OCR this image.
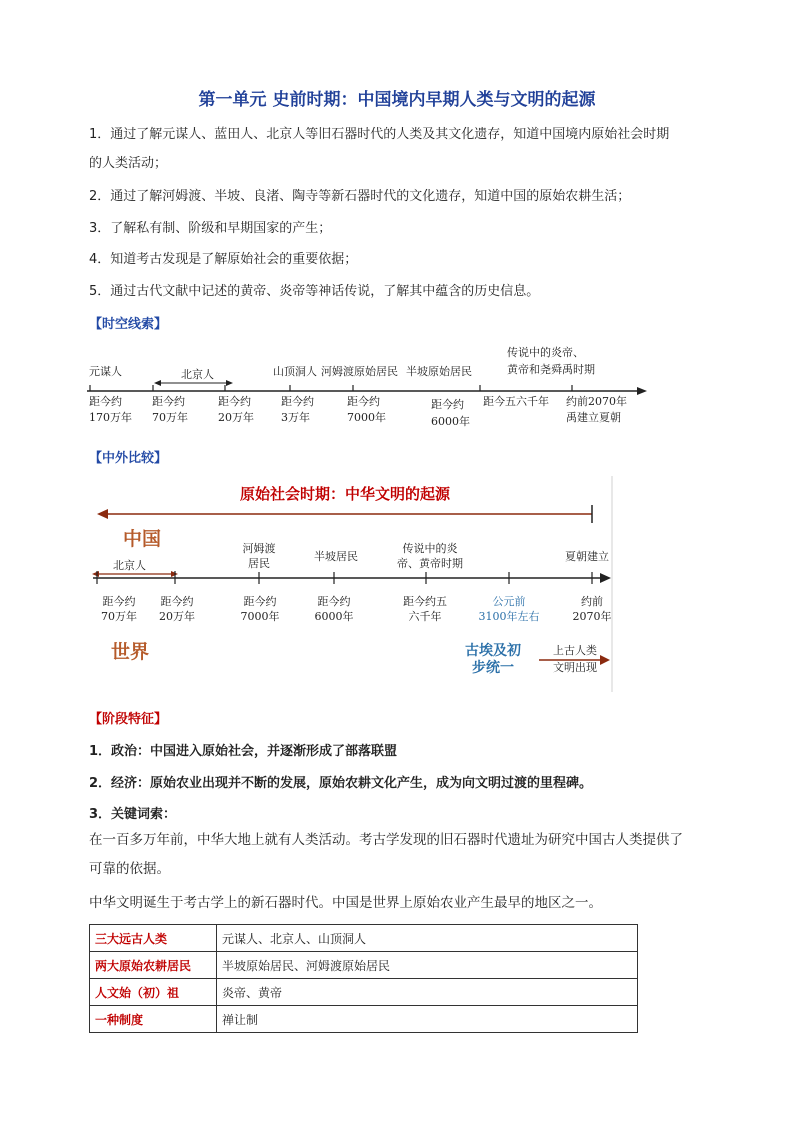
第一单元 史前时期：中国境内早期人类与文明的起源
1．通过了解元谋人、蓝田人、北京人等旧石器时代的人类及其文化遗存，知道中国境内原始社会时期
的人类活动；
2．通过了解河姆渡、半坡、良渚、陶寺等新石器时代的文化遗存，知道中国的原始农耕生活；
3．了解私有制、阶级和早期国家的产生；
4．知道考古发现是了解原始社会的重要依据；
5．通过古代文献中记述的黄帝、炎帝等神话传说，了解其中蕴含的历史信息。
【时空线索】
元谋人	北京人	山顶洞人 河姆渡原始居民 半坡原始居民
传说中的炎帝、
黄帝和尧舜禹时期
距今约
170万年
距今约
70万年
距今约
20万年
距今约
3万年
距今约
7000年
距今约
6000年
距今五六千年 约前2070年
禹建立夏朝
【中外比较】
原始社会时期：中华文明的起源
中国
北京人
河姆渡
居民
半坡居民
传说中的炎
帝、黄帝时期
夏朝建立
距今约
70万年
距今约
20万年
距今约
7000年
距今约
6000年
距今约五
六千年
公元前
3100年左右
约前
2070年
世界	古埃及初
步统一
上古人类
文明出现
【阶段特征】
1．政治：中国进入原始社会，并逐渐形成了部落联盟
2．经济：原始农业出现并不断的发展，原始农耕文化产生，成为向文明过渡的里程碑。
3．关键词索：
在一百多万年前，中华大地上就有人类活动。考古学发现的旧石器时代遗址为研究中国古人类提供了
可靠的依据。
中华文明诞生于考古学上的新石器时代。中国是世界上原始农业产生最早的地区之一。
三大远古人类	元谋人、北京人、山顶洞人
两大原始农耕居民	半坡原始居民、河姆渡原始居民
人文始（初）祖	炎帝、黄帝
一种制度	禅让制
